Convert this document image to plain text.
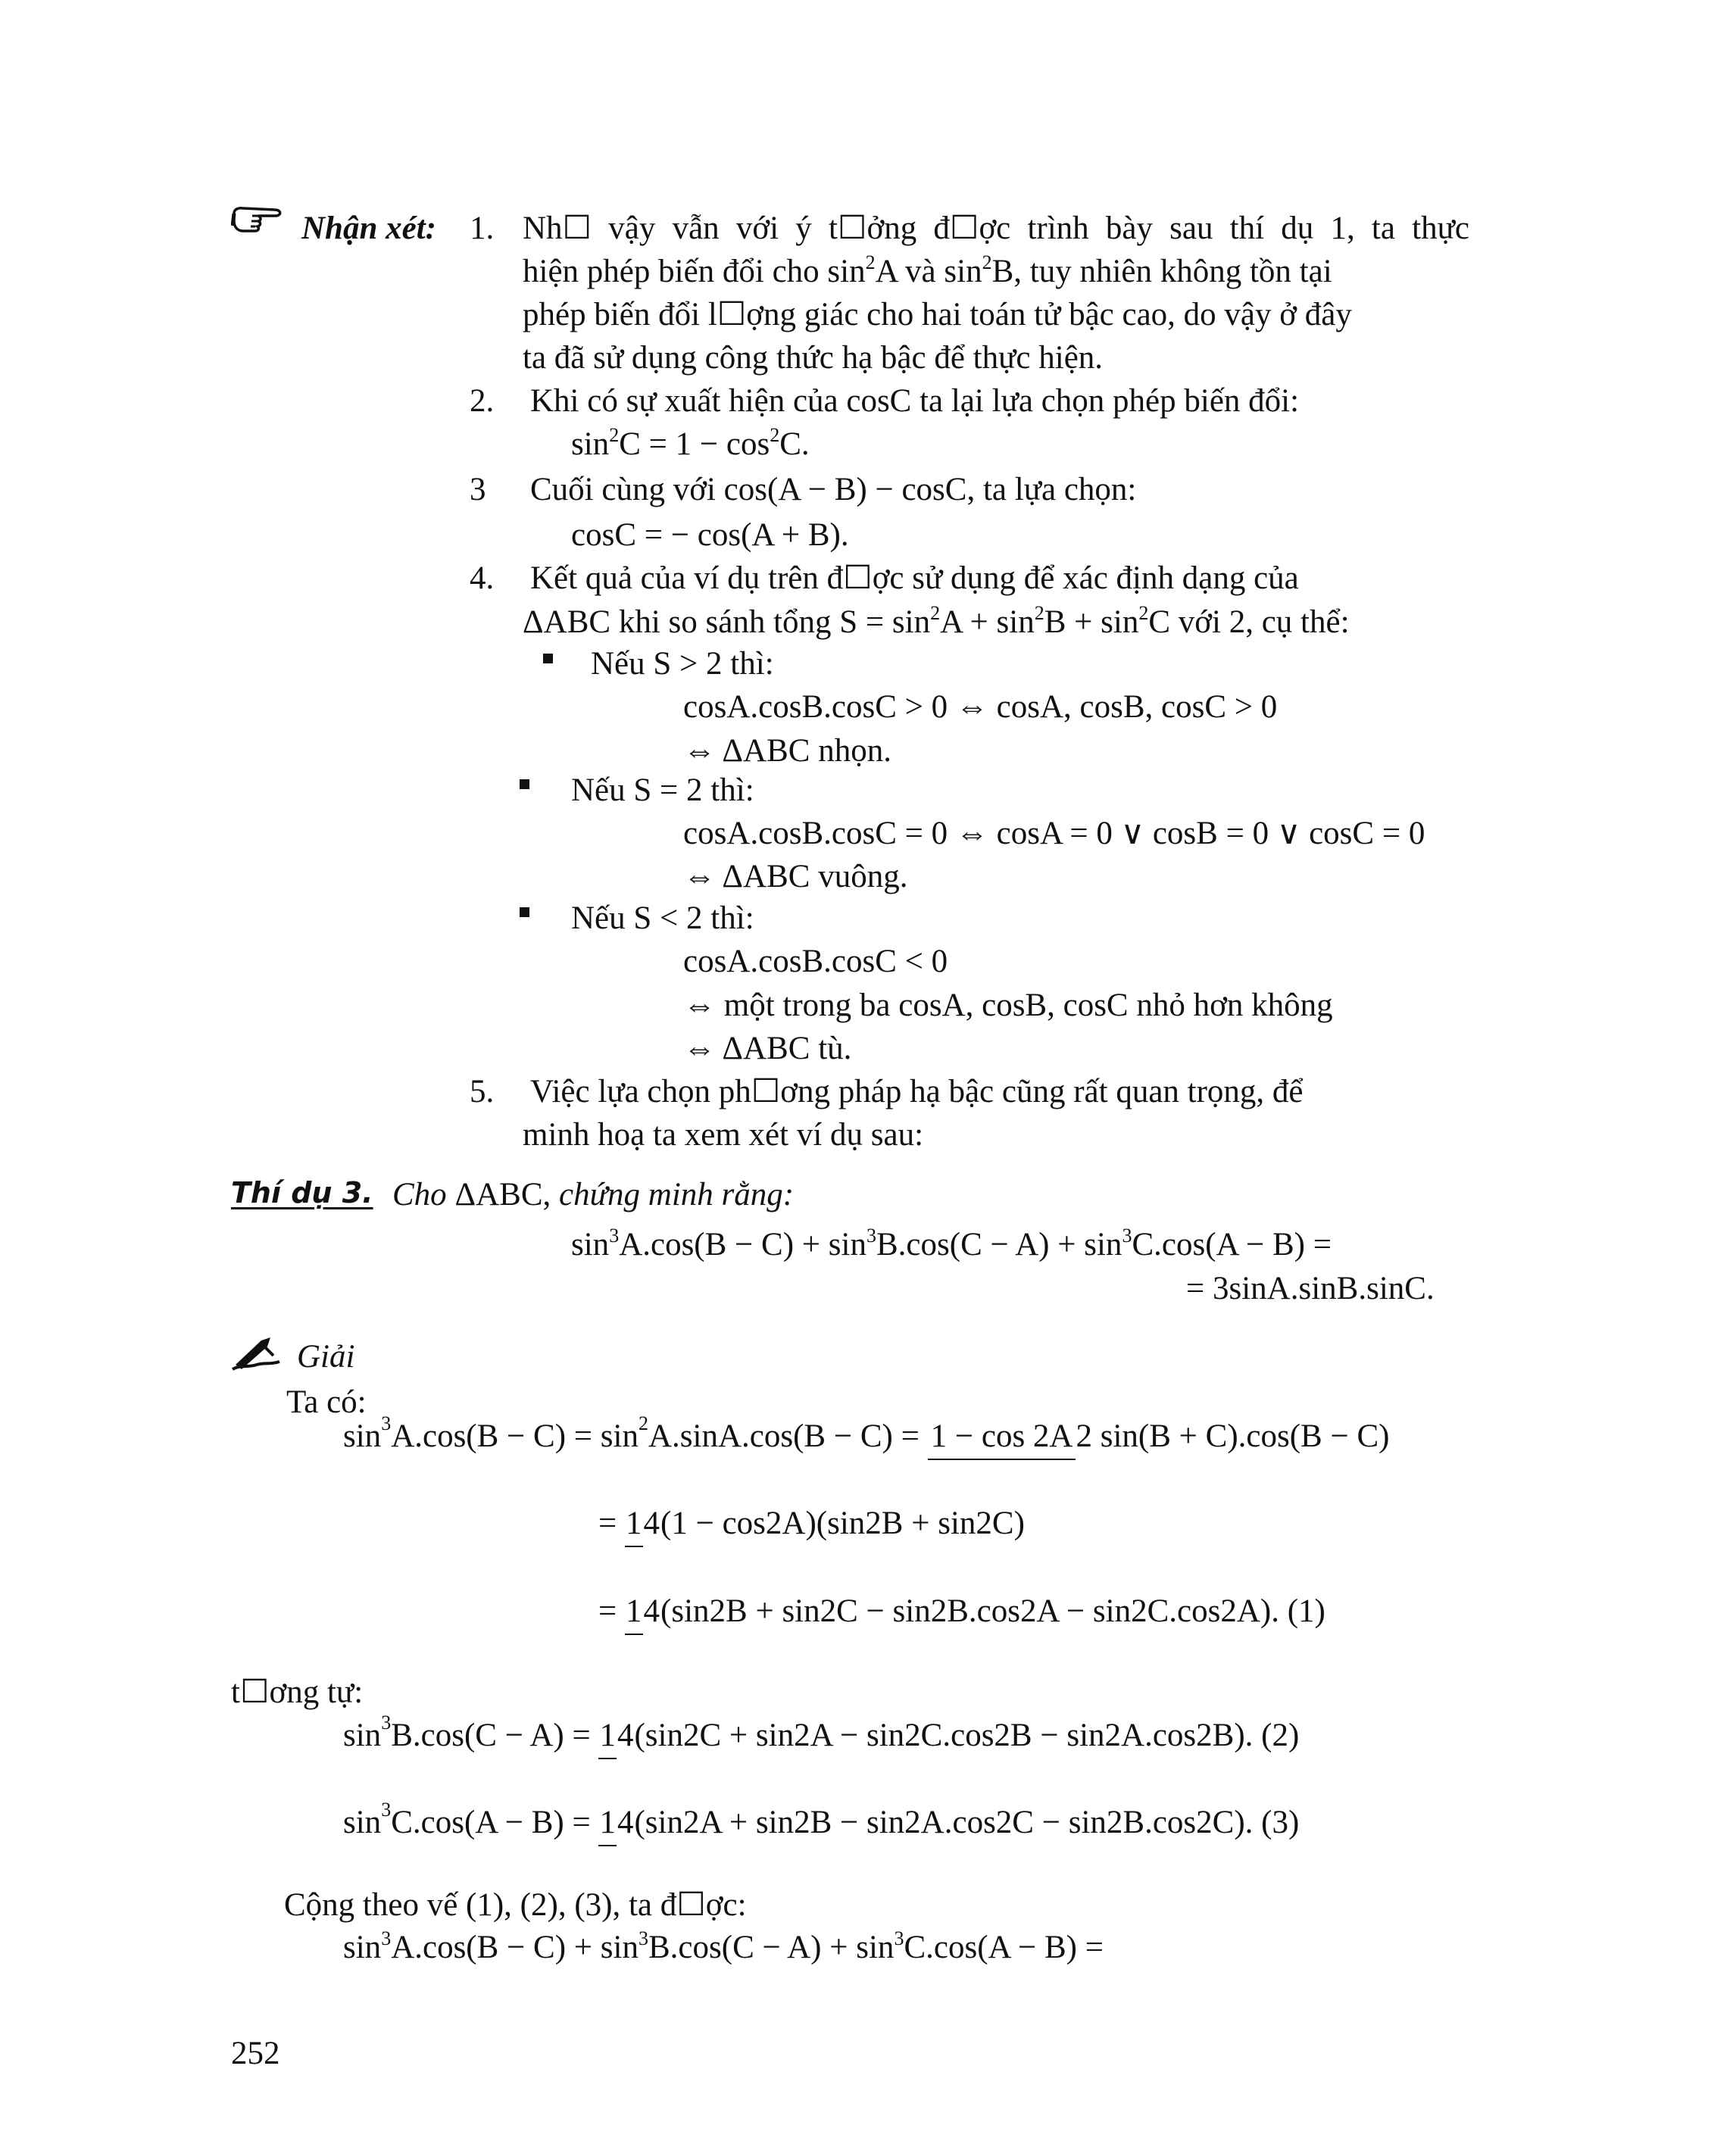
Nhận xét: 1. Nh☐ vậy vẫn với ý t☐ởng đ☐ợc trình bày sau thí dụ 1, ta thực
hiện phép biến đổi cho $\sin^2A$ và $\sin^2B$, tuy nhiên không tồn tại
phép biến đổi l☐ợng giác cho hai toán tử bậc cao, do vậy ở đây
ta đã sử dụng công thức hạ bậc để thực hiện.
2. Khi có sự xuất hiện của cosC ta lại lựa chọn phép biến đổi:
$\sin^2C = 1 - \cos^2C$.
3 Cuối cùng với cos(A − B) − cosC, ta lựa chọn:
cosC = − cos(A + B).
4. Kết quả của ví dụ trên đ☐ợc sử dụng để xác định dạng của
ΔABC khi so sánh tổng $S = \sin^2A + \sin^2B + \sin^2C$ với 2, cụ thể:
Nếu S > 2 thì:
cosA.cosB.cosC > 0 ⇔ cosA, cosB, cosC > 0
⇔ ΔABC nhọn.
Nếu S = 2 thì:
cosA.cosB.cosC = 0 ⇔ cosA = 0 ∨ cosB = 0 ∨ cosC = 0
⇔ ΔABC vuông.
Nếu S < 2 thì:
cosA.cosB.cosC < 0
⇔ một trong ba cosA, cosB, cosC nhỏ hơn không
⇔ ΔABC tù.
5. Việc lựa chọn ph☐ơng pháp hạ bậc cũng rất quan trọng, để
minh hoạ ta xem xét ví dụ sau:
Thí dụ 3. Cho ΔABC, chứng minh rằng:
$\sin^3A.\cos(B - C) + \sin^3B.\cos(C - A) + \sin^3C.\cos(A - B)$ =
= 3sinA.sinB.sinC.
Giải
Ta có:
$\sin^3 A.\cos(B - C) = \sin^2 A.\sin A.\cos(B - C)$ =
1 − cos 2A2
sin(B + C).cos(B − C)
=
14 (1 − cos2A)(sin2B + sin2C)
=
14 (sin2B + sin2C − sin2B.cos2A − sin2C.cos2A). (1)
t☐ơng tự:
$\sin^3 B.\cos(C - A)$ =
14 (sin2C + sin2A − sin2C.cos2B − sin2A.cos2B). (2)
$\sin^3 C.\cos(A - B)$ =
14 (sin2A + sin2B − sin2A.cos2C − sin2B.cos2C). (3)
Cộng theo vế (1), (2), (3), ta đ☐ợc:
$\sin^3A.\cos(B - C) + \sin^3B.\cos(C - A) + \sin^3C.\cos(A - B)$ =
252
